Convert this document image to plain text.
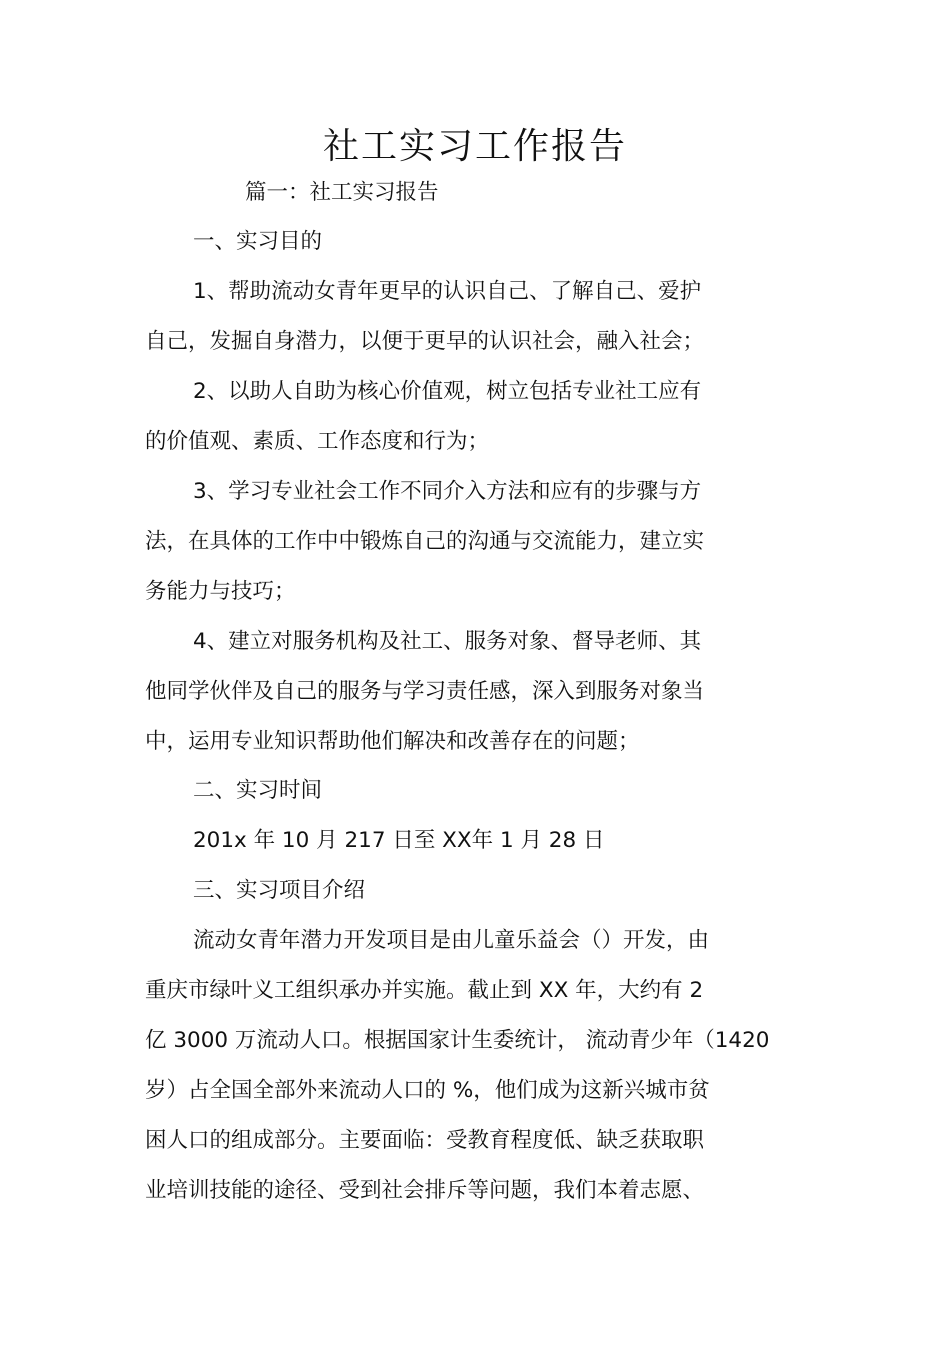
社工实习工作报告
篇一：社工实习报告
一、实习目的
1、帮助流动女青年更早的认识自己、了解自己、爱护
自己，发掘自身潜力，以便于更早的认识社会，融入社会；
2、以助人自助为核心价值观，树立包括专业社工应有
的价值观、素质、工作态度和行为；
3、学习专业社会工作不同介入方法和应有的步骤与方
法，在具体的工作中中锻炼自己的沟通与交流能力，建立实
务能力与技巧；
4、建立对服务机构及社工、服务对象、督导老师、其
他同学伙伴及自己的服务与学习责任感，深入到服务对象当
中，运用专业知识帮助他们解决和改善存在的问题；
二、实习时间
201x 年 10 月 217 日至 XX年 1 月 28 日
三、实习项目介绍
流动女青年潜力开发项目是由儿童乐益会（）开发，由
重庆市绿叶义工组织承办并实施。截止到 XX 年，大约有 2
亿 3000 万流动人口。根据国家计生委统计， 流动青少年（1420
岁）占全国全部外来流动人口的 %，他们成为这新兴城市贫
困人口的组成部分。主要面临：受教育程度低、缺乏获取职
业培训技能的途径、受到社会排斥等问题，我们本着志愿、
